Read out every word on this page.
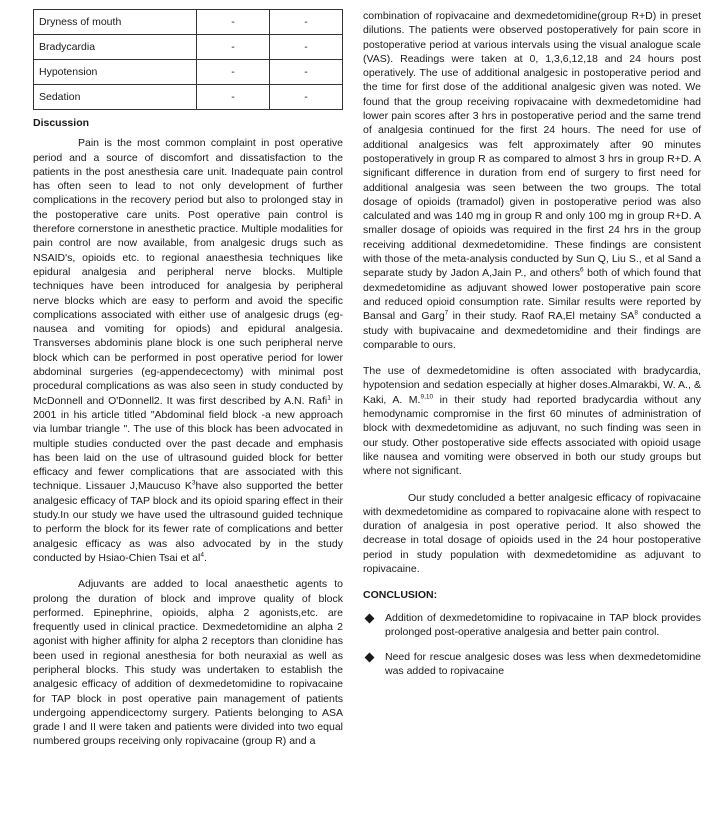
Dryness of mouth	-	-
Bradycardia	-	-
Hypotension	-	-
Sedation	-	-
Discussion

Pain is the most common complaint in post operative period and a source of discomfort and dissatisfaction to the patients in the post anesthesia care unit. Inadequate pain control has often seen to lead to not only development of further complications in the recovery period but also to prolonged stay in the postoperative care units. Post operative pain control is therefore cornerstone in anesthetic practice. Multiple modalities for pain control are now available, from analgesic drugs such as NSAID's, opioids etc. to regional anaesthesia techniques like epidural analgesia and peripheral nerve blocks. Multiple techniques have been introduced for analgesia by peripheral nerve blocks which are easy to perform and avoid the specific complications associated with either use of analgesic drugs (eg-nausea and vomiting for opiods) and epidural analgesia. Transverses abdominis plane block is one such peripheral nerve block which can be performed in post operative period for lower abdominal surgeries (eg-appendecectomy) with minimal post procedural complications as was also seen in study conducted by McDonnell and O'Donnell2. It was first described by A.N. Rafi$^1$ in 2001 in his article titled "Abdominal field block -a new approach via lumbar triangle ". The use of this block has been advocated in multiple studies conducted over the past decade and emphasis has been laid on the use of ultrasound guided block for better efficacy and fewer complications that are associated with this technique. Lissauer J,Maucuso $K^3have$ also supported the better analgesic efficacy of TAP block and its opioid sparing effect in their study.In our study we have used the ultrasound guided technique to perform the block for its fewer rate of complications and better analgesic efficacy as was also advocated by in the study conducted by Hsiao-Chien Tsai et $al^4$.

Adjuvants are added to local anaesthetic agents to prolong the duration of block and improve quality of block performed. Epinephrine, opioids, alpha 2 agonists,etc. are frequently used in clinical practice. Dexmedetomidine an alpha 2 agonist with higher affinity for alpha 2 receptors than clonidine has been used in regional anesthesia for both neuraxial as well as peripheral blocks. This study was undertaken to establish the analgesic efficacy of addition of dexmedetomidine to ropivacaine for TAP block in post operative pain management of patients undergoing appendicectomy surgery. Patients belonging to ASA grade I and II were taken and patients were divided into two equal numbered groups receiving only ropivacaine (group R) and a

combination of ropivacaine and dexmedetomidine(group R+D) in preset dilutions. The patients were observed postoperatively for pain score in postoperative period at various intervals using the visual analogue scale (VAS). Readings were taken at 0, 1,3,6,12,18 and 24 hours post operatively. The use of additional analgesic in postoperative period and the time for first dose of the additional analgesic given was noted. We found that the group receiving ropivacaine with dexmedetomidine had lower pain scores after 3 hrs in postoperative period and the same trend of analgesia continued for the first 24 hours. The need for use of additional analgesics was felt approximately after 90 minutes postoperatively in group R as compared to almost 3 hrs in group R+D. A significant difference in duration from end of surgery to first need for additional analgesia was seen between the two groups. The total dosage of opioids (tramadol) given in postoperative period was also calculated and was 140 mg in group R and only 100 mg in group R+D. A smaller dosage of opioids was required in the first 24 hrs in the group receiving additional dexmedetomidine. These findings are consistent with those of the meta-analysis conducted by Sun Q, Liu S., et al Sand a separate study by Jadon A,Jain P., and others$^6$ both of which found that dexmedetomidine as adjuvant showed lower postoperative pain score and reduced opioid consumption rate. Similar results were reported by Bansal and Garg$^7$ in their study. Raof RA,El metainy $SA^8$ conducted a study with bupivacaine and dexmedetomidine and their findings are comparable to ours.

The use of dexmedetomidine is often associated with bradycardia, hypotension and sedation especially at higher doses.Almarakbi, W. A., & Kaki, A. M.$^{9,10}$ in their study had reported bradycardia without any hemodynamic compromise in the first 60 minutes of administration of block with dexmedetomidine as adjuvant, no such finding was seen in our study. Other postoperative side effects associated with opioid usage like nausea and vomiting were observed in both our study groups but where not significant.

Our study concluded a better analgesic efficacy of ropivacaine with dexmedetomidine as compared to ropivacaine alone with respect to duration of analgesia in post operative period. It also showed the decrease in total dosage of opioids used in the 24 hour postoperative period in study population with dexmedetomidine as adjuvant to ropivacaine.

CONCLUSION:
Addition of dexmedetomidine to ropivacaine in TAP block provides prolonged post-operative analgesia and better pain control.
Need for rescue analgesic doses was less when dexmedetomidine was added to ropivacaine
